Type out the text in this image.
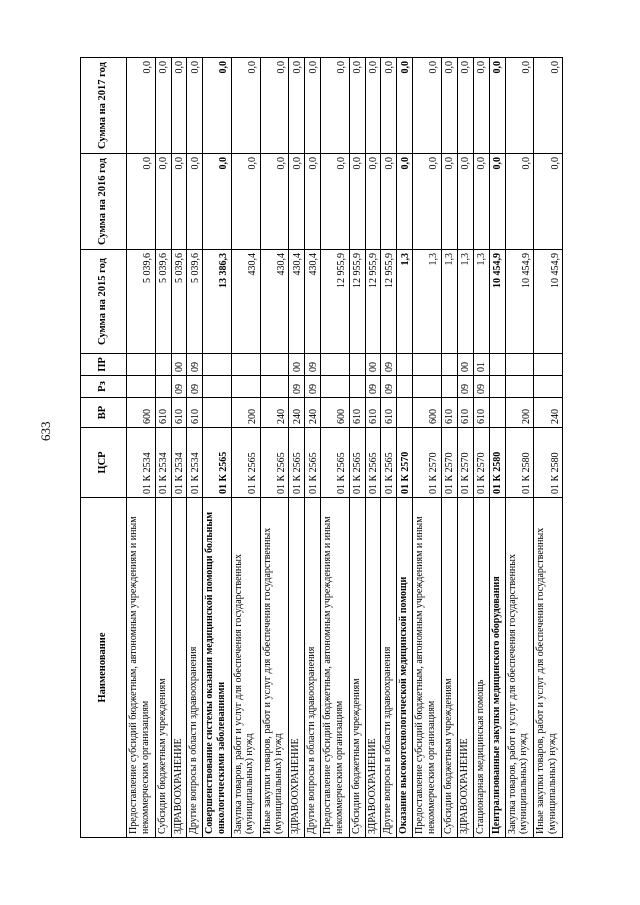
633
Наименование	ЦСР	ВР	Рз	ПР	Сумма на 2015 год	Сумма на 2016 год	Сумма на 2017 год
Предоставление субсидий бюджетным, автономным учреждениям и иным некоммерческим организациям	01 К 2534	600			5 039,6	0,0	0,0
Субсидии бюджетным учреждениям	01 К 2534	610			5 039,6	0,0	0,0
ЗДРАВООХРАНЕНИЕ	01 К 2534	610	09	00	5 039,6	0,0	0,0
Другие вопросы в области здравоохранения	01 К 2534	610	09	09	5 039,6	0,0	0,0
Совершенствование системы оказания медицинской помощи больным онкологическими заболеваниями	01 К 2565				13 386,3	0,0	0,0
Закупка товаров, работ и услуг для обеспечения государственных (муниципальных) нужд	01 К 2565	200			430,4	0,0	0,0
Иные закупки товаров, работ и услуг для обеспечения государственных (муниципальных) нужд	01 К 2565	240			430,4	0,0	0,0
ЗДРАВООХРАНЕНИЕ	01 К 2565	240	09	00	430,4	0,0	0,0
Другие вопросы в области здравоохранения	01 К 2565	240	09	09	430,4	0,0	0,0
Предоставление субсидий бюджетным, автономным учреждениям и иным некоммерческим организациям	01 К 2565	600			12 955,9	0,0	0,0
Субсидии бюджетным учреждениям	01 К 2565	610			12 955,9	0,0	0,0
ЗДРАВООХРАНЕНИЕ	01 К 2565	610	09	00	12 955,9	0,0	0,0
Другие вопросы в области здравоохранения	01 К 2565	610	09	09	12 955,9	0,0	0,0
Оказание высокотехнологической медицинской помощи	01 К 2570				1,3	0,0	0,0
Предоставление субсидий бюджетным, автономным учреждениям и иным некоммерческим организациям	01 К 2570	600			1,3	0,0	0,0
Субсидии бюджетным учреждениям	01 К 2570	610			1,3	0,0	0,0
ЗДРАВООХРАНЕНИЕ	01 К 2570	610	09	00	1,3	0,0	0,0
Стационарная медицинская помощь	01 К 2570	610	09	01	1,3	0,0	0,0
Централизованные закупки медицинского оборудования	01 К 2580				10 454,9	0,0	0,0
Закупка товаров, работ и услуг для обеспечения государственных (муниципальных) нужд	01 К 2580	200			10 454,9	0,0	0,0
Иные закупки товаров, работ и услуг для обеспечения государственных (муниципальных) нужд	01 К 2580	240			10 454,9	0,0	0,0
